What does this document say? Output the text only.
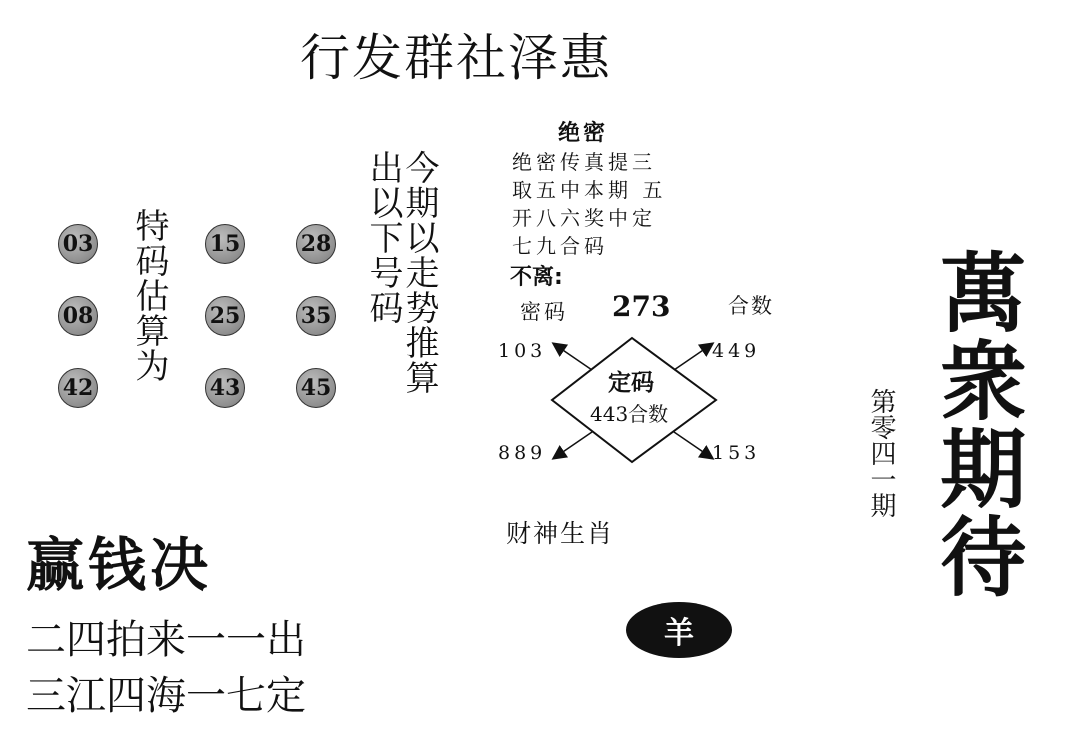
行发群社泽惠
03	15	28
08	25	35
42	43	45
特码估算为	今期以走势推算
出以下号码
绝密
绝密传真提三
取五中本期 五
开八六奖中定
七九合码
不离:
密码 273	合数
定码
443合数
103	449
889	153
财神生肖
羊
赢钱决
二四拍来一一出
三江四海一七定
第零四一期 萬衆期待
